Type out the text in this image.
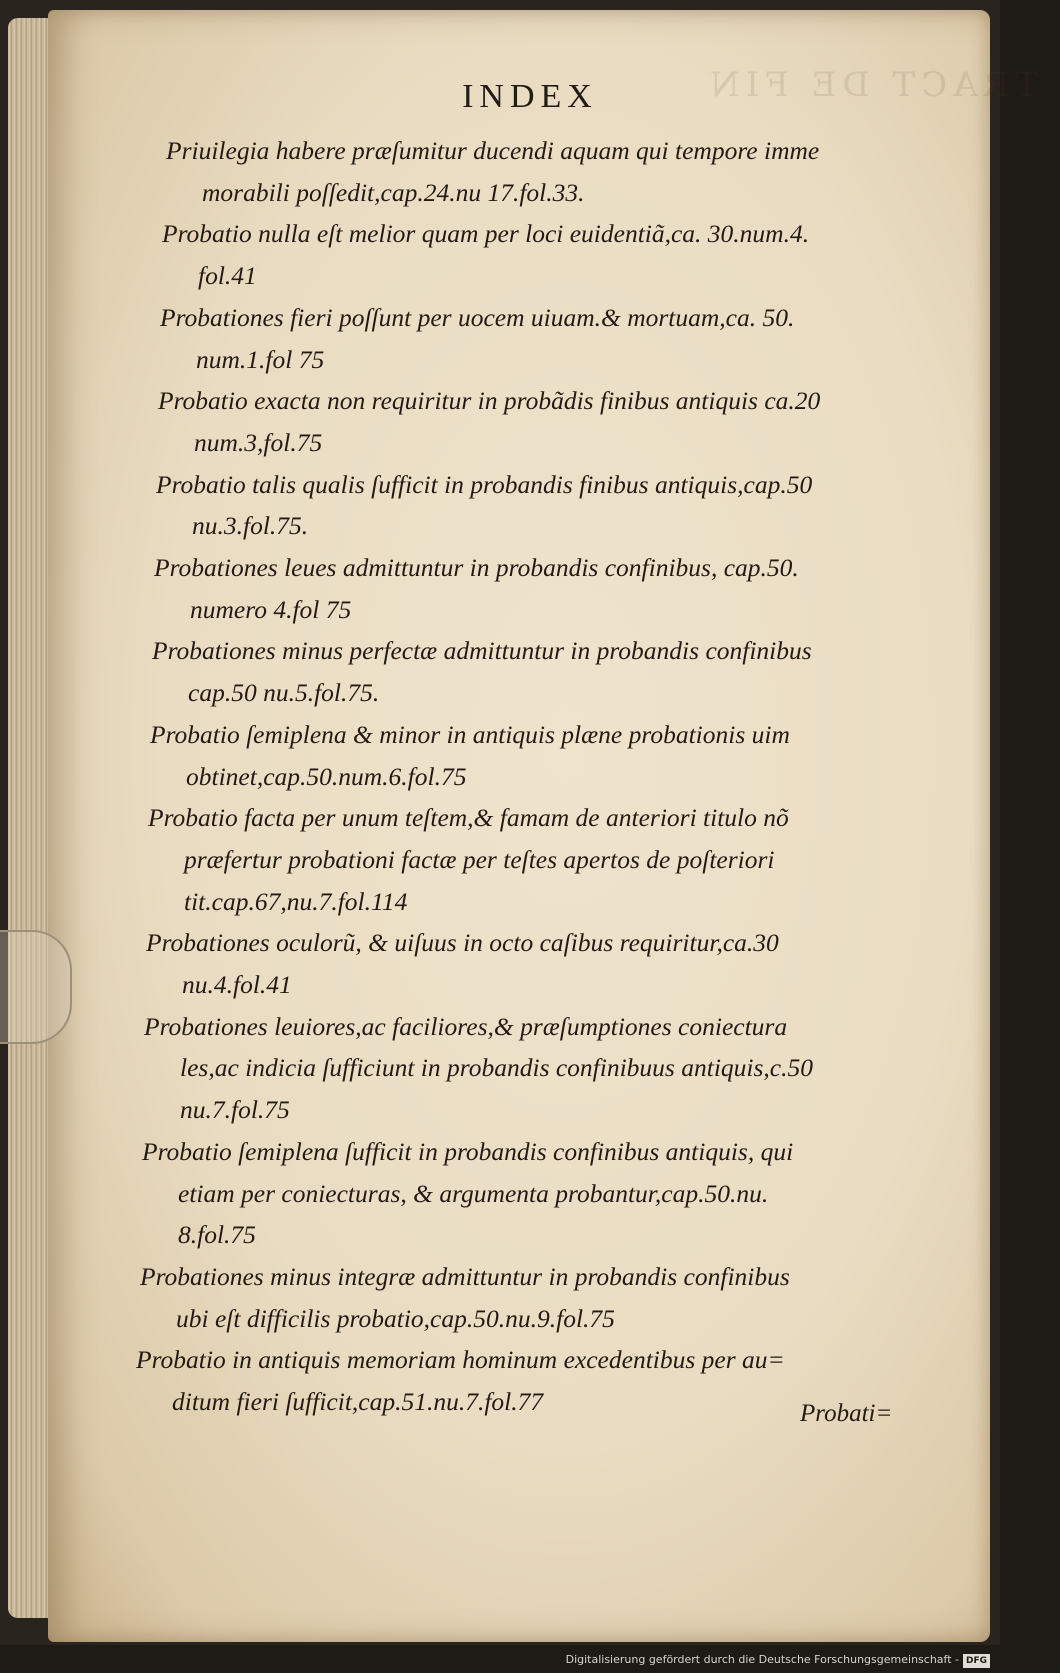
TRACT DE FIN
INDEX
Priuilegia habere præſumitur ducendi aquam qui tempore imme
morabili poſſedit,cap.24.nu 17.fol.33.
Probatio nulla eſt melior quam per loci euidentiã,ca. 30.num.4.
fol.41
Probationes fieri poſſunt per uocem uiuam.& mortuam,ca. 50.
num.1.fol 75
Probatio exacta non requiritur in probãdis finibus antiquis ca.20
num.3,fol.75
Probatio talis qualis ſufficit in probandis finibus antiquis,cap.50
nu.3.fol.75.
Probationes leues admittuntur in probandis confinibus, cap.50.
numero 4.fol 75
Probationes minus perfectæ admittuntur in probandis confinibus
cap.50 nu.5.fol.75.
Probatio ſemiplena & minor in antiquis plæne probationis uim
obtinet,cap.50.num.6.fol.75
Probatio facta per unum teſtem,& famam de anteriori titulo nõ
præfertur probationi factæ per teſtes apertos de poſteriori
tit.cap.67,nu.7.fol.114
Probationes oculorũ, & uiſuus in octo caſibus requiritur,ca.30
nu.4.fol.41
Probationes leuiores,ac faciliores,& præſumptiones coniectura
les,ac indicia ſufficiunt in probandis confinibuus antiquis,c.50
nu.7.fol.75
Probatio ſemiplena ſufficit in probandis confinibus antiquis, qui
etiam per coniecturas, & argumenta probantur,cap.50.nu.
8.fol.75
Probationes minus integræ admittuntur in probandis confinibus
ubi eſt difficilis probatio,cap.50.nu.9.fol.75
Probatio in antiquis memoriam hominum excedentibus per au=
ditum fieri ſufficit,cap.51.nu.7.fol.77	Probati=
Digitalisierung gefördert durch die Deutsche Forschungsgemeinschaft - DFG
